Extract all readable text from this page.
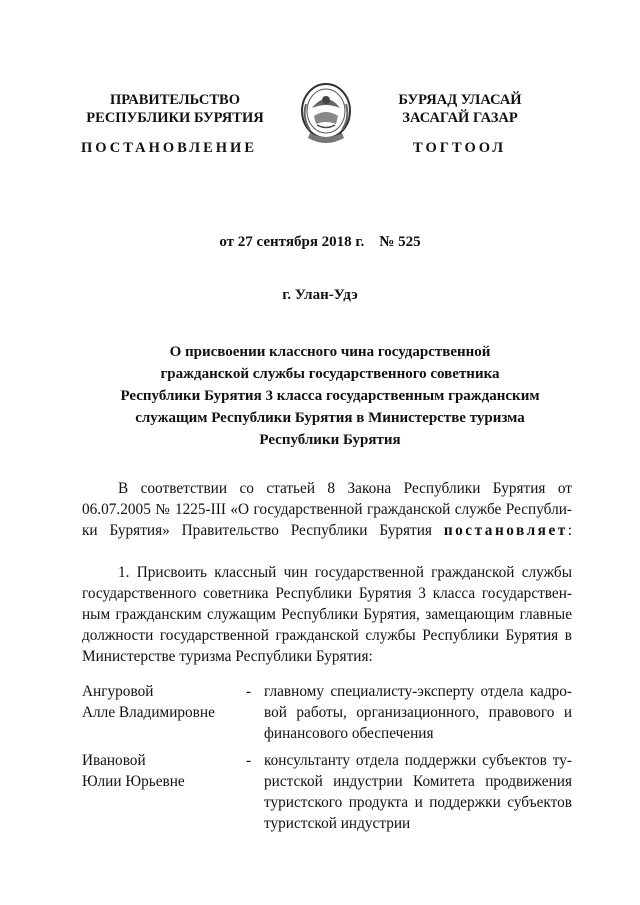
ПРАВИТЕЛЬСТВО
РЕСПУБЛИКИ БУРЯТИЯ
БУРЯАД УЛАСАЙ
ЗАСАГАЙ ГАЗАР
ПОСТАНОВЛЕНИЕ	ТОГТООЛ
от 27 сентября 2018 г.    № 525
г. Улан-Удэ
О присвоении классного чина государственной
гражданской службы государственного советника
Республики Бурятия 3 класса государственным гражданским
служащим Республики Бурятия в Министерстве туризма
Республики Бурятия
В соответствии со статьей 8 Закона Республики Бурятия от
06.07.2005 № 1225-III «О государственной гражданской службе Республи-
ки Бурятия» Правительство Республики Бурятия постановляет:
1. Присвоить классный чин государственной гражданской службы
государственного советника Республики Бурятия 3 класса государствен-
ным гражданским служащим Республики Бурятия, замещающим главные
должности государственной гражданской службы Республики Бурятия в
Министерстве туризма Республики Бурятия:
Ангуровой
Алле Владимировне
- главному специалисту-эксперту отдела кадро-
вой работы, организационного, правового и
финансового обеспечения
Ивановой
Юлии Юрьевне
- консультанту отдела поддержки субъектов ту-
ристской индустрии Комитета продвижения
туристского продукта и поддержки субъектов
туристской индустрии
